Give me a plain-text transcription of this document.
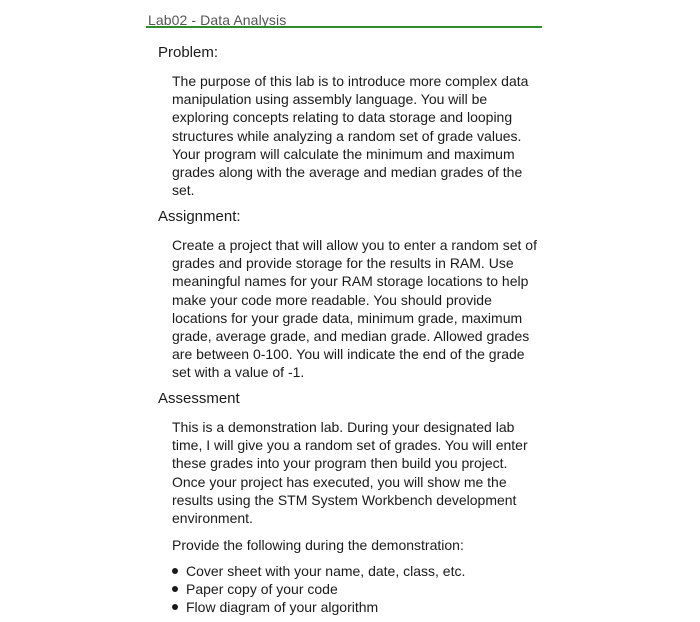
Lab02 - Data Analysis
Problem:

The purpose of this lab is to introduce more complex data manipulation using assembly language. You will be exploring concepts relating to data storage and looping structures while analyzing a random set of grade values. Your program will calculate the minimum and maximum grades along with the average and median grades of the set.

Assignment:

Create a project that will allow you to enter a random set of grades and provide storage for the results in RAM. Use meaningful names for your RAM storage locations to help make your code more readable. You should provide locations for your grade data, minimum grade, maximum grade, average grade, and median grade. Allowed grades are between 0-100. You will indicate the end of the grade set with a value of -1.

Assessment

This is a demonstration lab. During your designated lab time, I will give you a random set of grades. You will enter these grades into your program then build you project. Once your project has executed, you will show me the results using the STM System Workbench development environment.

Provide the following during the demonstration:

Cover sheet with your name, date, class, etc.
Paper copy of your code
Flow diagram of your algorithm
